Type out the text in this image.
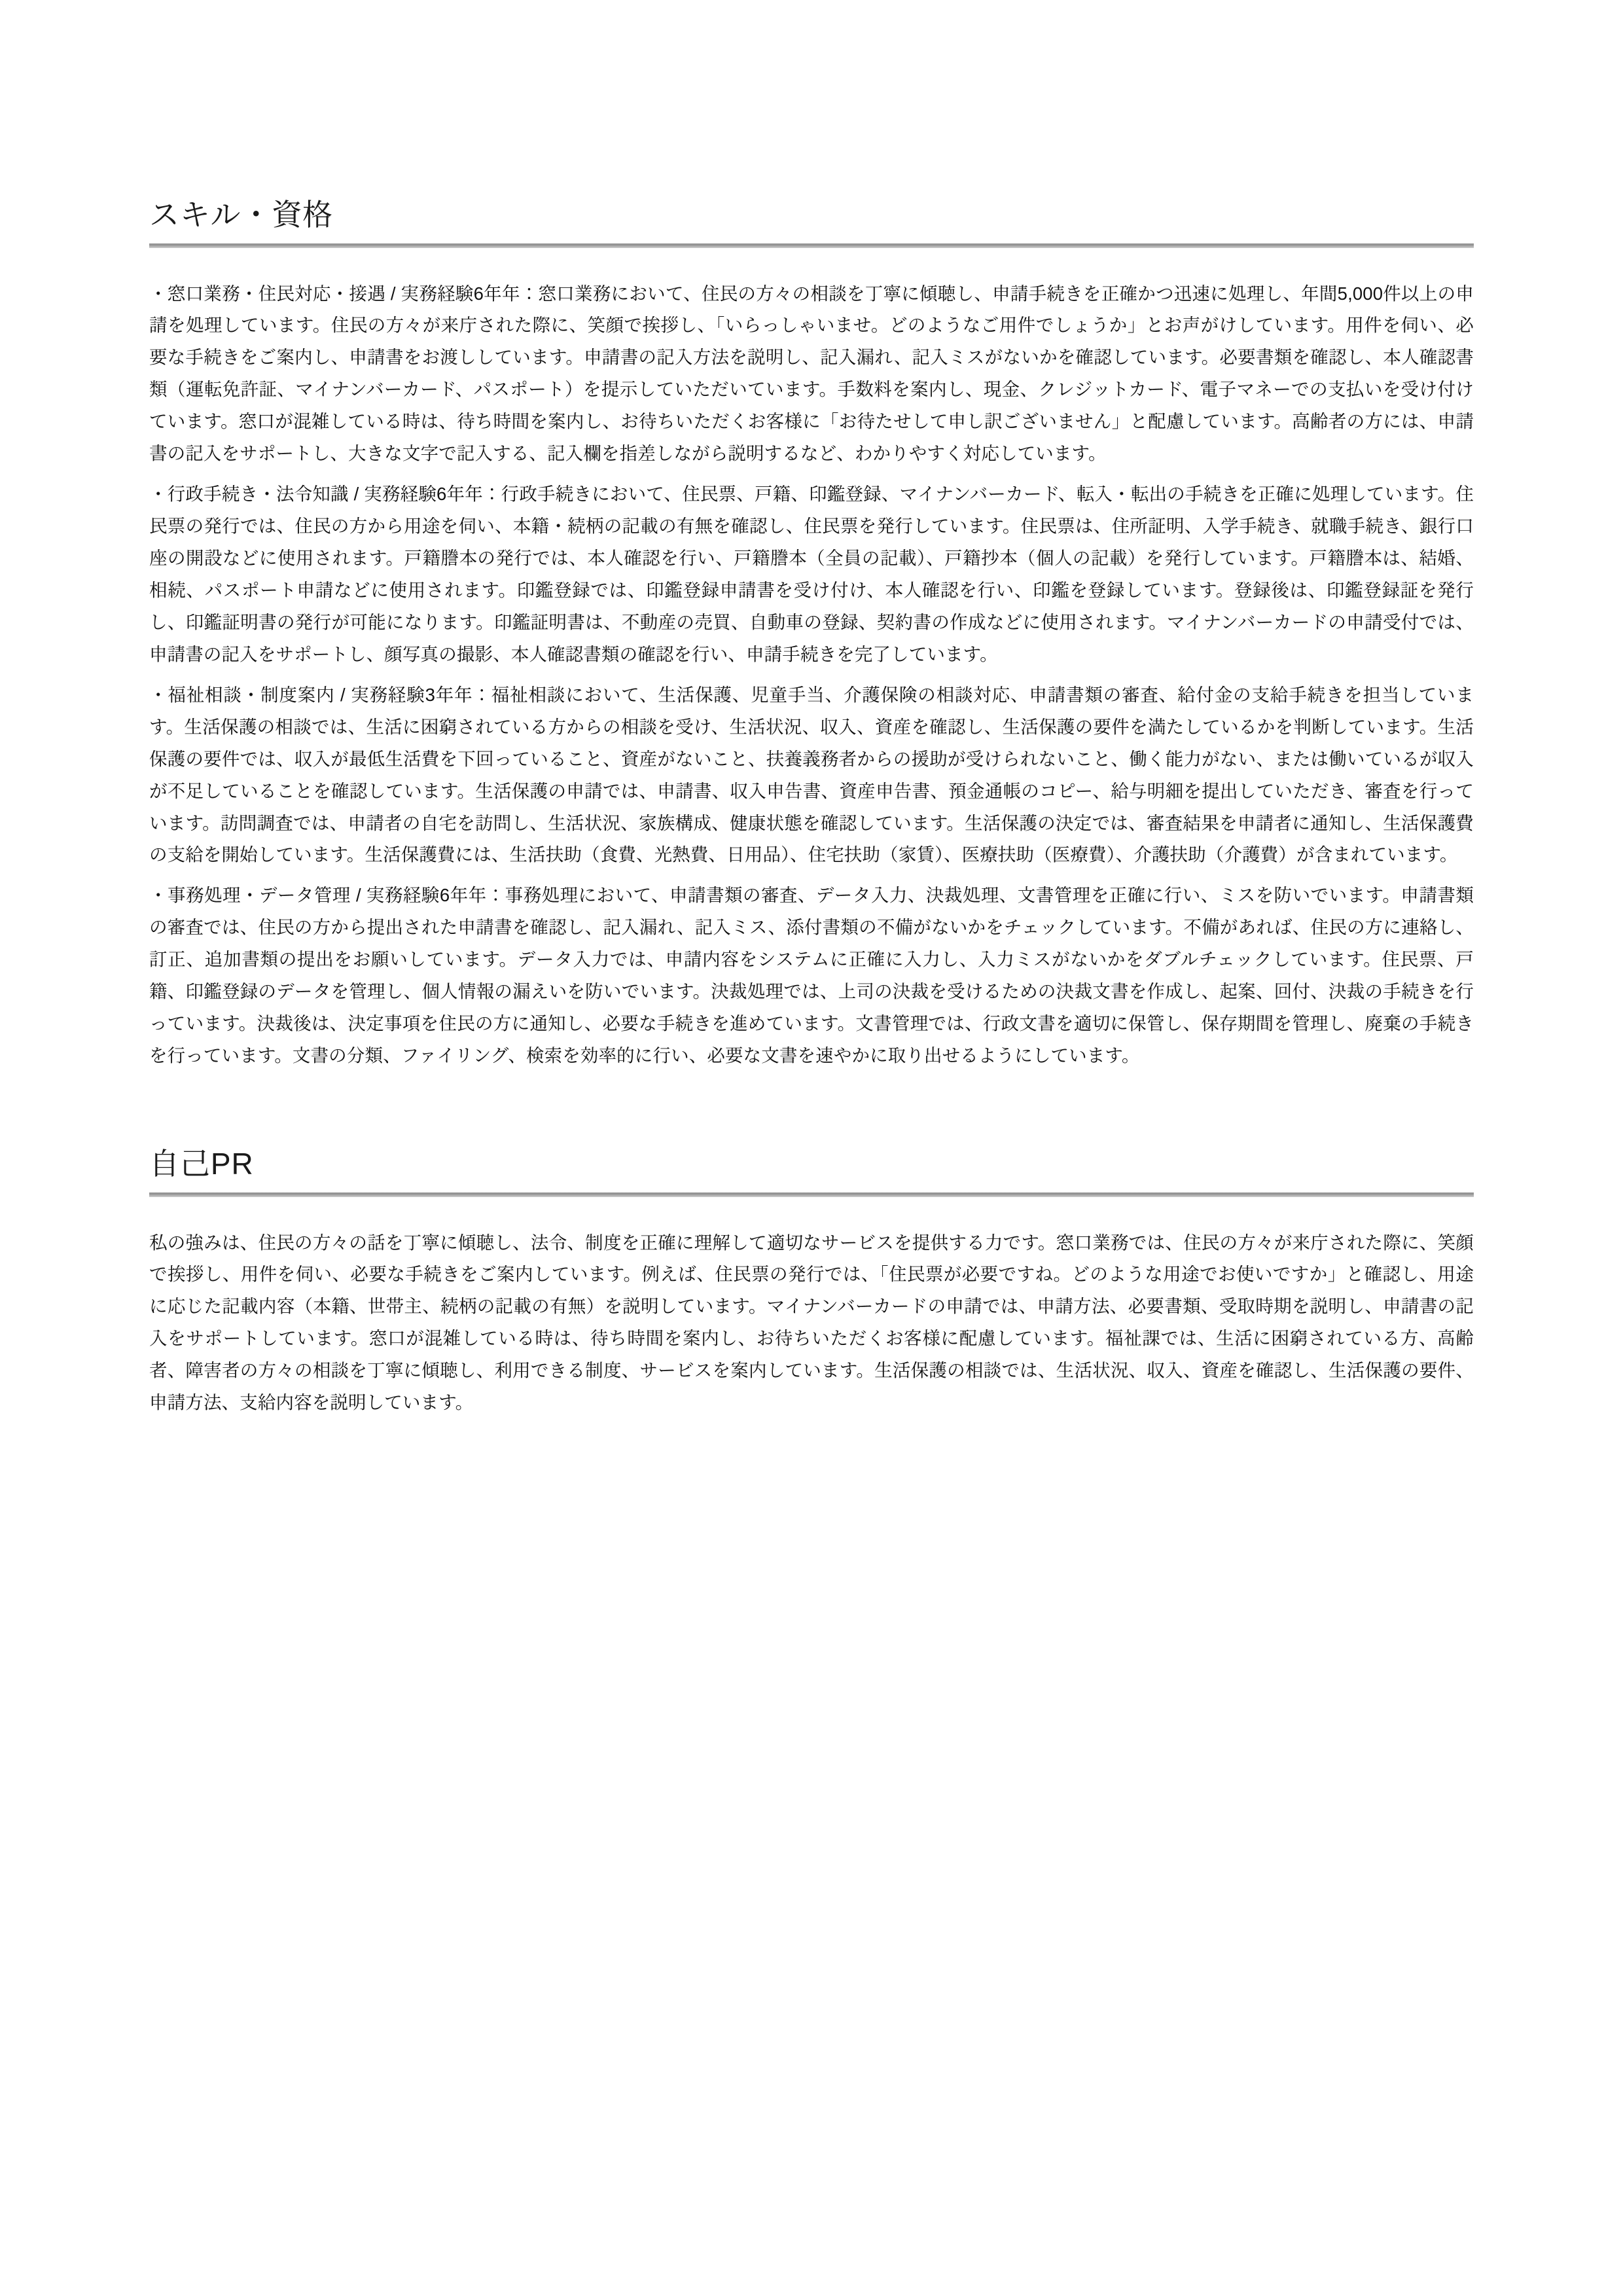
スキル・資格

・窓口業務・住民対応・接遇 / 実務経験6年年：窓口業務において、住民の方々の相談を丁寧に傾聴し、申請手続きを正確かつ迅速に処理し、年間5,000件以上の申請を処理しています。住民の方々が来庁された際に、笑顔で挨拶し、「いらっしゃいませ。どのようなご用件でしょうか」とお声がけしています。用件を伺い、必要な手続きをご案内し、申請書をお渡ししています。申請書の記入方法を説明し、記入漏れ、記入ミスがないかを確認しています。必要書類を確認し、本人確認書類（運転免許証、マイナンバーカード、パスポート）を提示していただいています。手数料を案内し、現金、クレジットカード、電子マネーでの支払いを受け付けています。窓口が混雑している時は、待ち時間を案内し、お待ちいただくお客様に「お待たせして申し訳ございません」と配慮しています。高齢者の方には、申請書の記入をサポートし、大きな文字で記入する、記入欄を指差しながら説明するなど、わかりやすく対応しています。

・行政手続き・法令知識 / 実務経験6年年：行政手続きにおいて、住民票、戸籍、印鑑登録、マイナンバーカード、転入・転出の手続きを正確に処理しています。住民票の発行では、住民の方から用途を伺い、本籍・続柄の記載の有無を確認し、住民票を発行しています。住民票は、住所証明、入学手続き、就職手続き、銀行口座の開設などに使用されます。戸籍謄本の発行では、本人確認を行い、戸籍謄本（全員の記載）、戸籍抄本（個人の記載）を発行しています。戸籍謄本は、結婚、相続、パスポート申請などに使用されます。印鑑登録では、印鑑登録申請書を受け付け、本人確認を行い、印鑑を登録しています。登録後は、印鑑登録証を発行し、印鑑証明書の発行が可能になります。印鑑証明書は、不動産の売買、自動車の登録、契約書の作成などに使用されます。マイナンバーカードの申請受付では、申請書の記入をサポートし、顔写真の撮影、本人確認書類の確認を行い、申請手続きを完了しています。

・福祉相談・制度案内 / 実務経験3年年：福祉相談において、生活保護、児童手当、介護保険の相談対応、申請書類の審査、給付金の支給手続きを担当しています。生活保護の相談では、生活に困窮されている方からの相談を受け、生活状況、収入、資産を確認し、生活保護の要件を満たしているかを判断しています。生活保護の要件では、収入が最低生活費を下回っていること、資産がないこと、扶養義務者からの援助が受けられないこと、働く能力がない、または働いているが収入が不足していることを確認しています。生活保護の申請では、申請書、収入申告書、資産申告書、預金通帳のコピー、給与明細を提出していただき、審査を行っています。訪問調査では、申請者の自宅を訪問し、生活状況、家族構成、健康状態を確認しています。生活保護の決定では、審査結果を申請者に通知し、生活保護費の支給を開始しています。生活保護費には、生活扶助（食費、光熱費、日用品）、住宅扶助（家賃）、医療扶助（医療費）、介護扶助（介護費）が含まれています。

・事務処理・データ管理 / 実務経験6年年：事務処理において、申請書類の審査、データ入力、決裁処理、文書管理を正確に行い、ミスを防いでいます。申請書類の審査では、住民の方から提出された申請書を確認し、記入漏れ、記入ミス、添付書類の不備がないかをチェックしています。不備があれば、住民の方に連絡し、訂正、追加書類の提出をお願いしています。データ入力では、申請内容をシステムに正確に入力し、入力ミスがないかをダブルチェックしています。住民票、戸籍、印鑑登録のデータを管理し、個人情報の漏えいを防いでいます。決裁処理では、上司の決裁を受けるための決裁文書を作成し、起案、回付、決裁の手続きを行っています。決裁後は、決定事項を住民の方に通知し、必要な手続きを進めています。文書管理では、行政文書を適切に保管し、保存期間を管理し、廃棄の手続きを行っています。文書の分類、ファイリング、検索を効率的に行い、必要な文書を速やかに取り出せるようにしています。

自己PR

私の強みは、住民の方々の話を丁寧に傾聴し、法令、制度を正確に理解して適切なサービスを提供する力です。窓口業務では、住民の方々が来庁された際に、笑顔で挨拶し、用件を伺い、必要な手続きをご案内しています。例えば、住民票の発行では、「住民票が必要ですね。どのような用途でお使いですか」と確認し、用途に応じた記載内容（本籍、世帯主、続柄の記載の有無）を説明しています。マイナンバーカードの申請では、申請方法、必要書類、受取時期を説明し、申請書の記入をサポートしています。窓口が混雑している時は、待ち時間を案内し、お待ちいただくお客様に配慮しています。福祉課では、生活に困窮されている方、高齢者、障害者の方々の相談を丁寧に傾聴し、利用できる制度、サービスを案内しています。生活保護の相談では、生活状況、収入、資産を確認し、生活保護の要件、申請方法、支給内容を説明しています。
